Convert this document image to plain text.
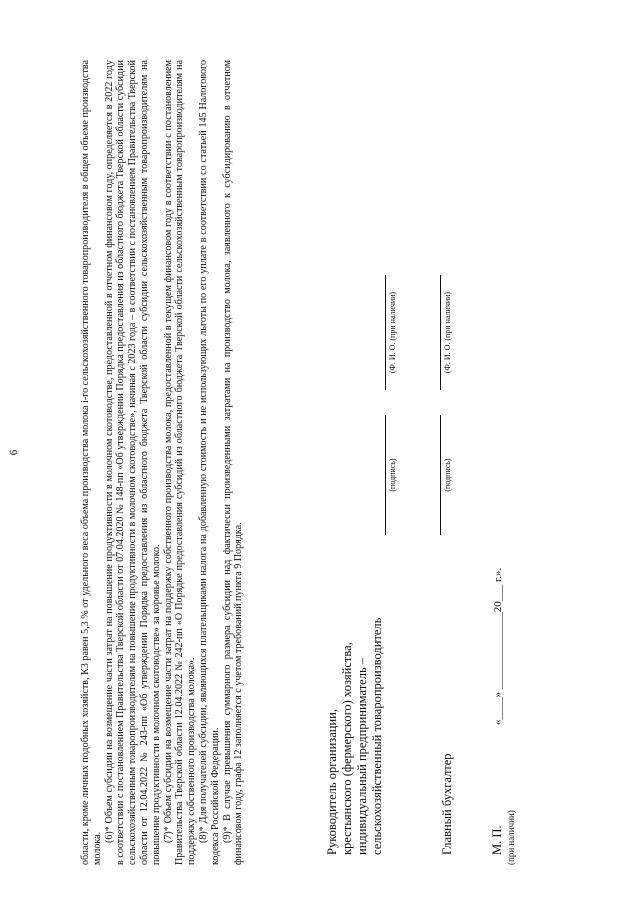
6	области, кроме личных подобных хозяйств, К3 равен 5,3 % от удельного веса объема производства молока i-го сельскохозяйственного товаропроизводителя в общем объеме производства молока.

(6)* Объем субсидии на возмещение части затрат на повышение продуктивности в молочном скотоводстве, предоставленной в отчетном финансовом году, определяется в 2022 году в соответствии с постановлением Правительства Тверской области от 07.04.2020 № 148-пп «Об утверждении Порядка предоставления из областного бюджета Тверской области субсидии сельскохозяйственным товаропроизводителям на повышение продуктивности в молочном скотоводстве», начиная с 2023 года – в соответствии с постановлением Правительства Тверской области от 12.04.2022 № 243-пп «Об утверждении Порядка предоставления из областного бюджета Тверской области субсидии сельскохозяйственным товаропроизводителям на повышение продуктивности в молочном скотоводстве» за коровье молоко. (7)* Объем субсидии на возмещение части затрат на поддержку собственного производства молока, предоставленной в текущем финансовом году в соответствии с постановлением Правительства Тверской области 12.04.2022 № 242-пп «О Порядке предоставления субсидий из областного бюджета Тверской области сельскохозяйственным товаропроизводителям на поддержку собственного производства молока». (8)* Для получателей субсидии, являющихся плательщиками налога на добавленную стоимость и не использующих льготы по его уплате в соответствии со статьей 145 Налогового кодекса Российской Федерации. (9)* В случае превышения суммарного размера субсидии над фактически произведенными затратами на производство молока, заявленного к субсидированию в отчетном финансовом году, графа 12 заполняется с учетом требований пункта 9 Порядка.	Руководитель организации, крестьянского (фермерского) хозяйства, индивидуальный предприниматель – сельскохозяйственный товаропроизводитель
(подпись)
(Ф. И. О. (при наличии)
Главный бухгалтер
(подпись)
(Ф. И. О. (при наличии)
М. П. (при наличии)
«____» ______________20___ г.».
